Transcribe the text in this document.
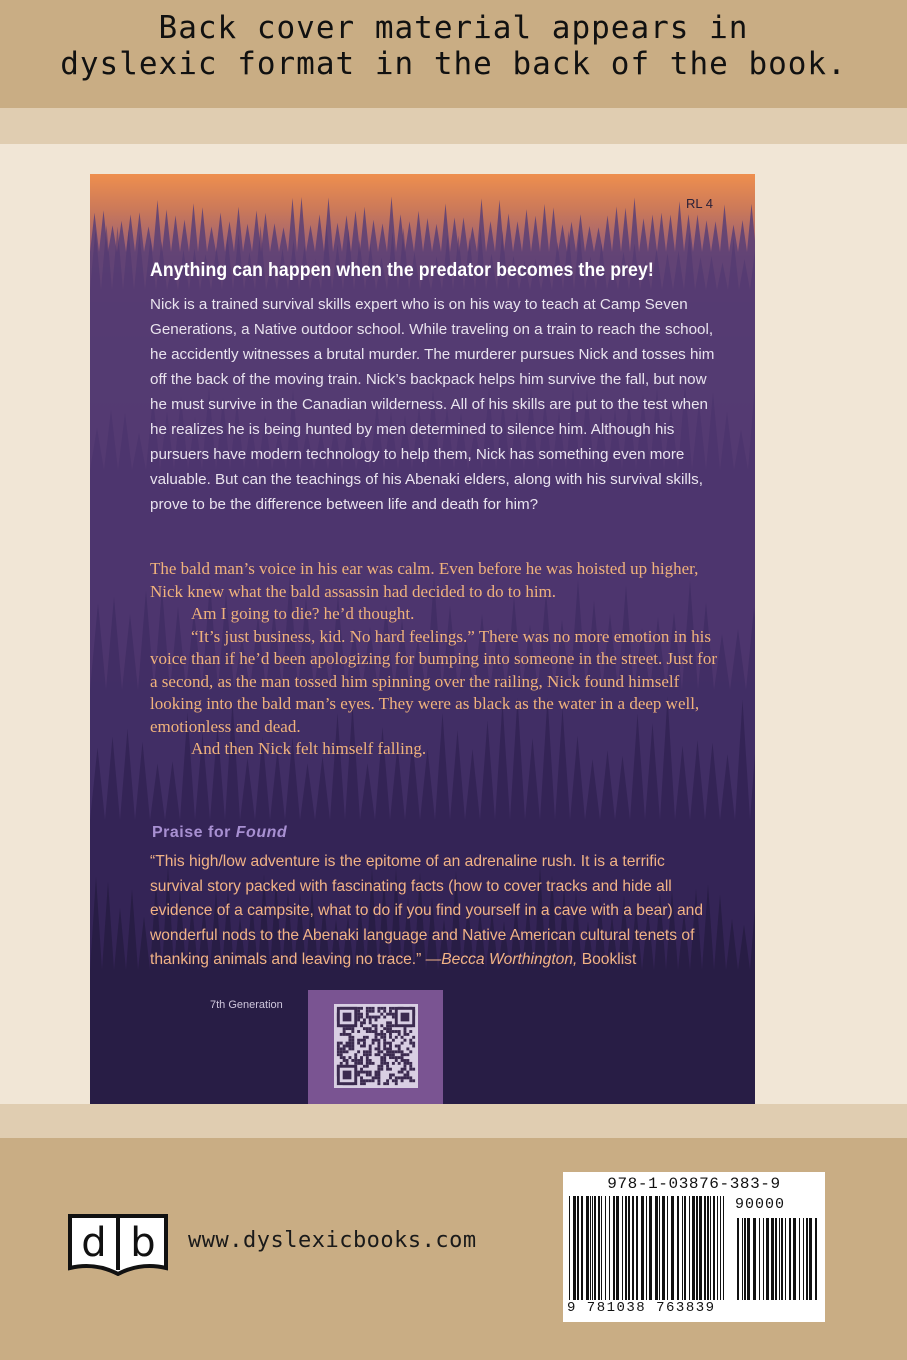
Back cover material appears in
dyslexic format in the back of the book.

RL 4

Anything can happen when the predator becomes the prey!

Nick is a trained survival skills expert who is on his way to teach at Camp Seven Generations, a Native outdoor school. While traveling on a train to reach the school, he accidently witnesses a brutal murder. The murderer pursues Nick and tosses him off the back of the moving train. Nick’s backpack helps him survive the fall, but now he must survive in the Canadian wilderness. All of his skills are put to the test when he realizes he is being hunted by men determined to silence him. Although his pursuers have modern technology to help them, Nick has something even more valuable. But can the teachings of his Abenaki elders, along with his survival skills, prove to be the difference between life and death for him?

The bald man’s voice in his ear was calm. Even before he was hoisted up higher, Nick knew what the bald assassin had decided to do to him.

Am I going to die? he’d thought.

“It’s just business, kid. No hard feelings.” There was no more emotion in his voice than if he’d been apologizing for bumping into someone in the street. Just for a second, as the man tossed him spinning over the railing, Nick found himself looking into the bald man’s eyes. They were as black as the water in a deep well, emotionless and dead.

And then Nick felt himself falling.

Praise for Found

“This high/low adventure is the epitome of an adrenaline rush. It is a terrific survival story packed with fascinating facts (how to cover tracks and hide all evidence of a campsite, what to do if you find yourself in a cave with a bear) and wonderful nods to the Abenaki language and Native American cultural tenets of thanking animals and leaving no trace.” —Becca Worthington, Booklist

7th Generation

d b www.dyslexicbooks.com

978-1-03876-383-9

90000

9 781038 763839
